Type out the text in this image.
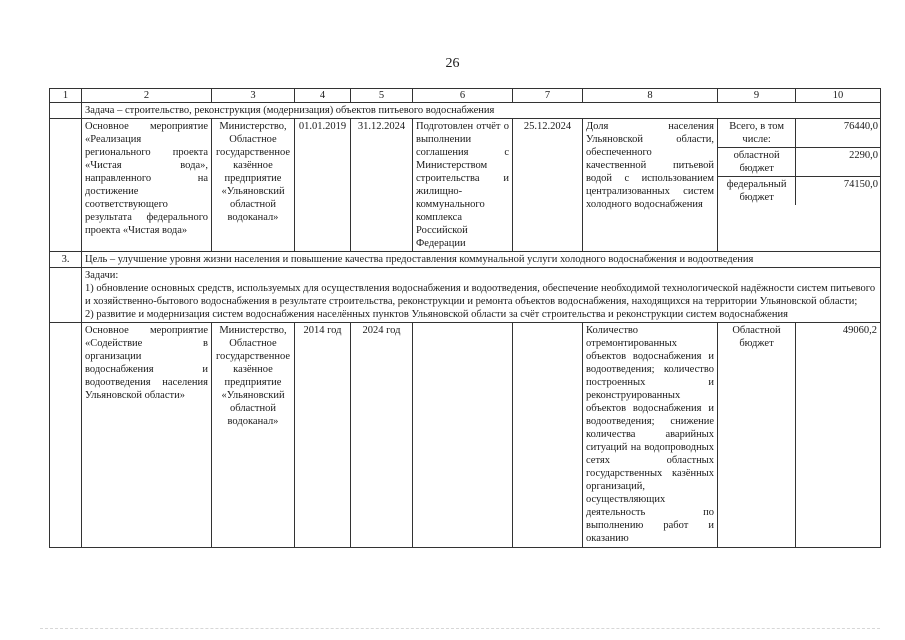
26
1	2	3	4	5	6	7	8	9	10
	Задача – строительство, реконструкция (модернизация) объектов питьевого водоснабжения
	Основное мероприятие «Реализация регионального проекта «Чистая вода», направленного на достижение соответствующего результата федерального проекта «Чистая вода»	Министерство, Областное государственное казённое предприятие «Ульяновский областной водоканал»	01.01.2019	31.12.2024	Подготовлен отчёт о выполнении соглашения с Министерством строительства и жилищно-коммунального комплекса Российской Федерации	25.12.2024	Доля населения Ульяновской области, обеспеченного качественной питьевой водой с использованием централизованных систем холодного водоснабжения	
Всего, в том числе:	76440,0
областной бюджет	2290,0
федеральный бюджет	74150,0

3.	Цель – улучшение уровня жизни населения и повышение качества предоставления коммунальной услуги холодного водоснабжения и водоотведения

Задачи:
1) обновление основных средств, используемых для осуществления водоснабжения и водоотведения, обеспечение необходимой технологической надёжности систем питьевого и хозяйственно-бытового водоснабжения в результате строительства, реконструкции и ремонта объектов водоснабжения, находящихся на территории Ульяновской области;
2) развитие и модернизация систем водоснабжения населённых пунктов Ульяновской области за счёт строительства и реконструкции систем водоснабжения

	Основное мероприятие «Содействие в организации водоснабжения и водоотведения населения Ульяновской области»	Министерство, Областное государственное казённое предприятие «Ульяновский областной водоканал»	2014 год	2024 год			Количество отремонтированных объектов водоснабжения и водоотведения; количество построенных и реконструированных объектов водоснабжения и водоотведения; снижение количества аварийных ситуаций на водопроводных сетях областных государственных казённых организаций, осуществляющих деятельность по выполнению работ и оказанию	Областной бюджет	49060,2
